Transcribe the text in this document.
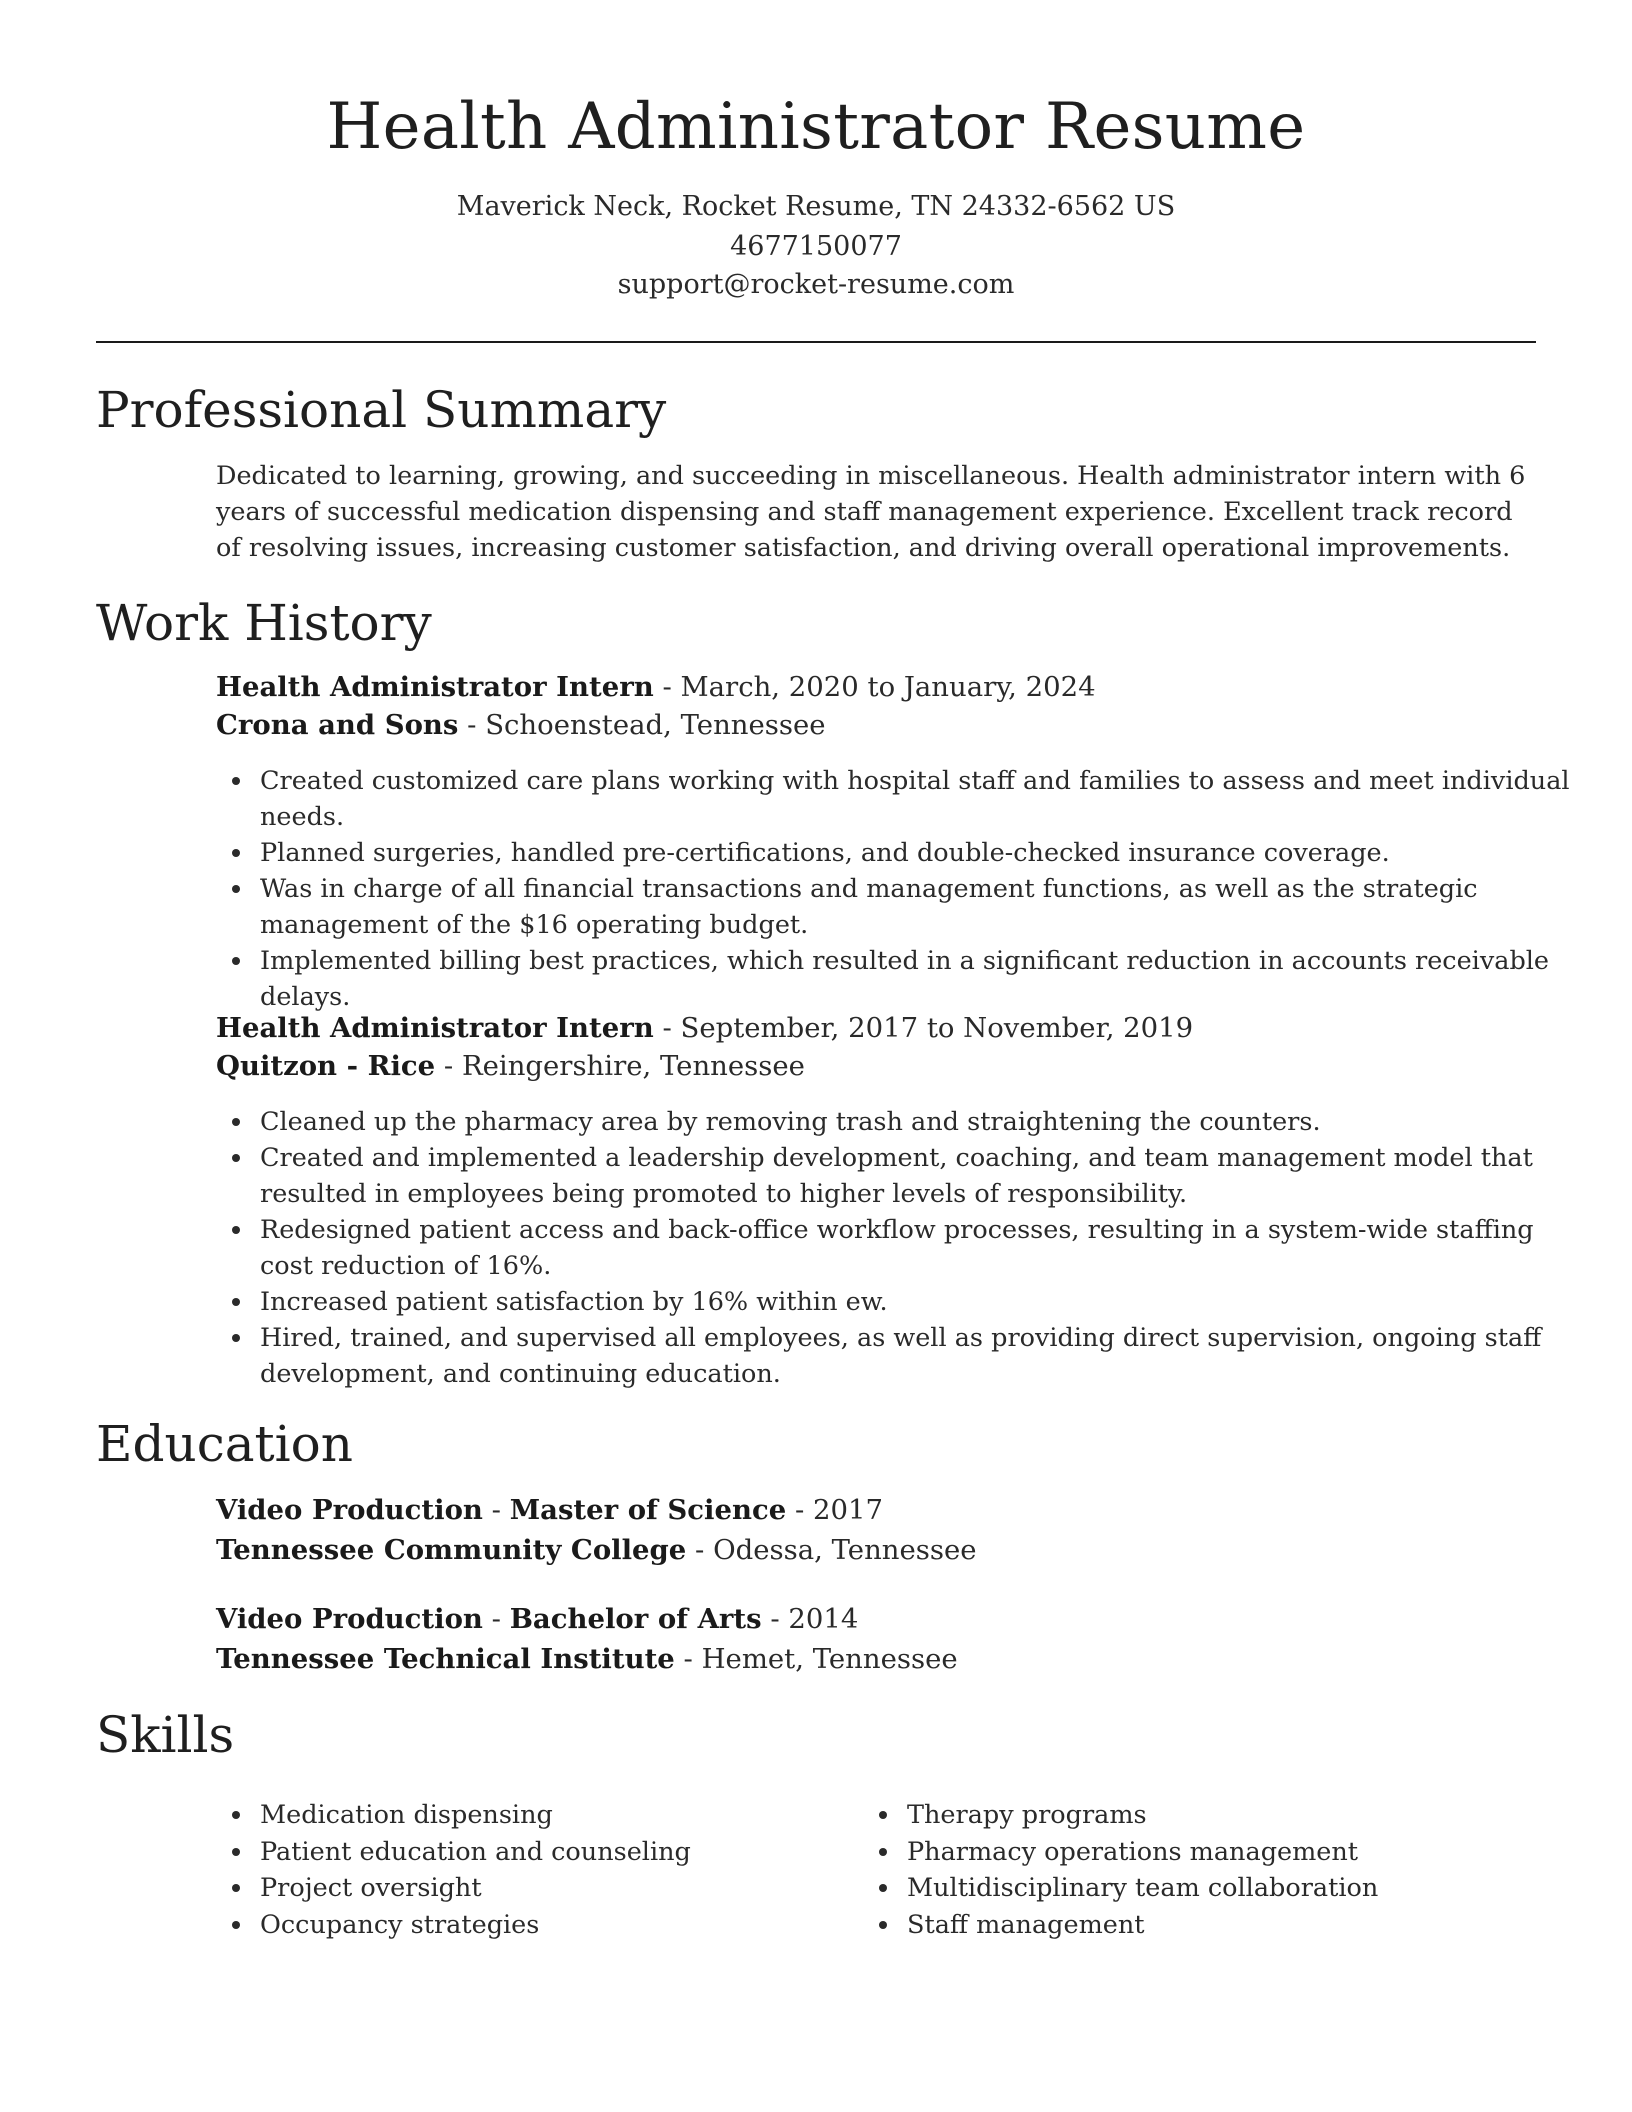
Health Administrator Resume
Maverick Neck, Rocket Resume, TN 24332-6562 US
4677150077
support@rocket-resume.com
Professional Summary
Dedicated to learning, growing, and succeeding in miscellaneous. Health administrator intern with 6 years of successful medication dispensing and staff management experience. Excellent track record of resolving issues, increasing customer satisfaction, and driving overall operational improvements.
Work History
Health Administrator Intern - March, 2020 to January, 2024
Crona and Sons - Schoenstead, Tennessee
Created customized care plans working with hospital staff and families to assess and meet individual needs.
Planned surgeries, handled pre-certifications, and double-checked insurance coverage.
Was in charge of all financial transactions and management functions, as well as the strategic management of the $16 operating budget.
Implemented billing best practices, which resulted in a significant reduction in accounts receivable delays.
Health Administrator Intern - September, 2017 to November, 2019
Quitzon - Rice - Reingershire, Tennessee
Cleaned up the pharmacy area by removing trash and straightening the counters.
Created and implemented a leadership development, coaching, and team management model that resulted in employees being promoted to higher levels of responsibility.
Redesigned patient access and back-office workflow processes, resulting in a system-wide staffing cost reduction of 16%.
Increased patient satisfaction by 16% within ew.
Hired, trained, and supervised all employees, as well as providing direct supervision, ongoing staff development, and continuing education.
Education
Video Production - Master of Science - 2017
Tennessee Community College - Odessa, Tennessee
Video Production - Bachelor of Arts - 2014
Tennessee Technical Institute - Hemet, Tennessee
Skills
Medication dispensing
Patient education and counseling
Project oversight
Occupancy strategies
Therapy programs
Pharmacy operations management
Multidisciplinary team collaboration
Staff management
